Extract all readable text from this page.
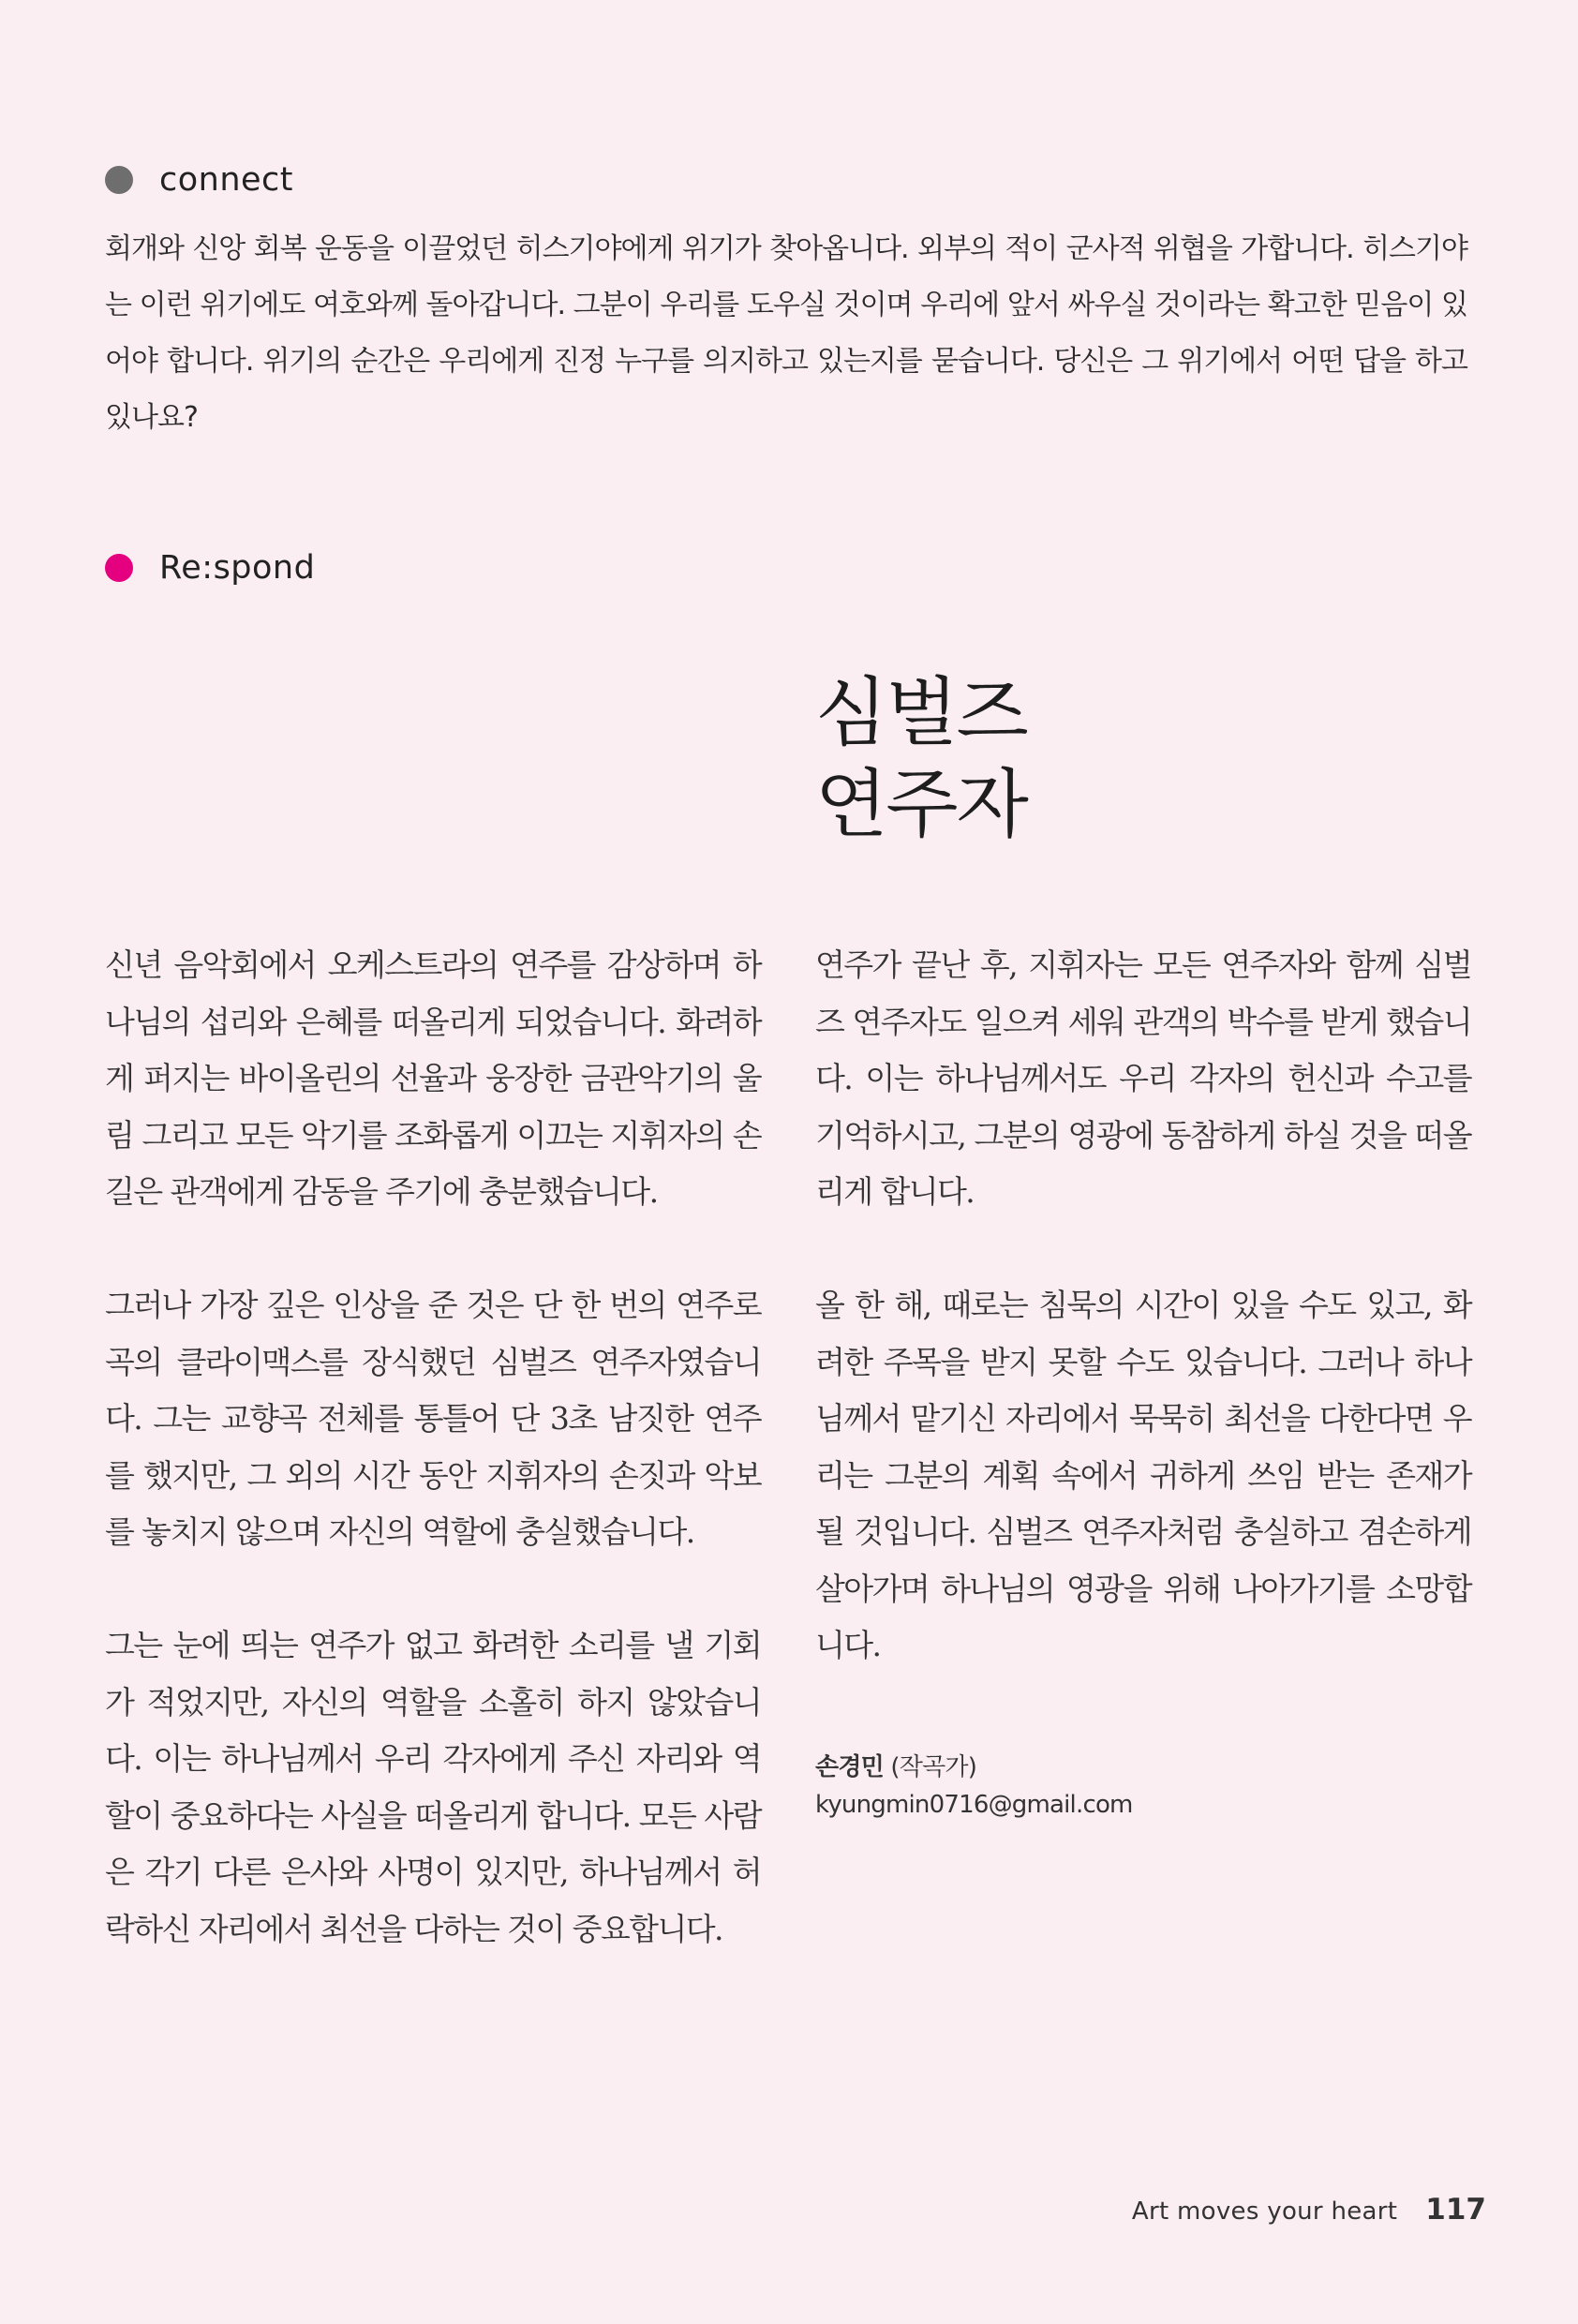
connect
회개와 신앙 회복 운동을 이끌었던 히스기야에게 위기가 찾아옵니다. 외부의 적이 군사적 위협을 가합니다. 히스기야는 이런 위기에도 여호와께 돌아갑니다. 그분이 우리를 도우실 것이며 우리에 앞서 싸우실 것이라는 확고한 믿음이 있어야 합니다. 위기의 순간은 우리에게 진정 누구를 의지하고 있는지를 묻습니다. 당신은 그 위기에서 어떤 답을 하고 있나요?
Re:spond
심벌즈
연주자

신년 음악회에서 오케스트라의 연주를 감상하며 하나님의 섭리와 은혜를 떠올리게 되었습니다. 화려하게 퍼지는 바이올린의 선율과 웅장한 금관악기의 울림 그리고 모든 악기를 조화롭게 이끄는 지휘자의 손길은 관객에게 감동을 주기에 충분했습니다.

그러나 가장 깊은 인상을 준 것은 단 한 번의 연주로 곡의 클라이맥스를 장식했던 심벌즈 연주자였습니다. 그는 교향곡 전체를 통틀어 단 3초 남짓한 연주를 했지만, 그 외의 시간 동안 지휘자의 손짓과 악보를 놓치지 않으며 자신의 역할에 충실했습니다.

그는 눈에 띄는 연주가 없고 화려한 소리를 낼 기회가 적었지만, 자신의 역할을 소홀히 하지 않았습니다. 이는 하나님께서 우리 각자에게 주신 자리와 역할이 중요하다는 사실을 떠올리게 합니다. 모든 사람은 각기 다른 은사와 사명이 있지만, 하나님께서 허락하신 자리에서 최선을 다하는 것이 중요합니다.

연주가 끝난 후, 지휘자는 모든 연주자와 함께 심벌즈 연주자도 일으켜 세워 관객의 박수를 받게 했습니다. 이는 하나님께서도 우리 각자의 헌신과 수고를 기억하시고, 그분의 영광에 동참하게 하실 것을 떠올리게 합니다.

올 한 해, 때로는 침묵의 시간이 있을 수도 있고, 화려한 주목을 받지 못할 수도 있습니다. 그러나 하나님께서 맡기신 자리에서 묵묵히 최선을 다한다면 우리는 그분의 계획 속에서 귀하게 쓰임 받는 존재가 될 것입니다. 심벌즈 연주자처럼 충실하고 겸손하게 살아가며 하나님의 영광을 위해 나아가기를 소망합니다.

손경민 (작곡가)
kyungmin0716@gmail.com
Art moves your heart 117
